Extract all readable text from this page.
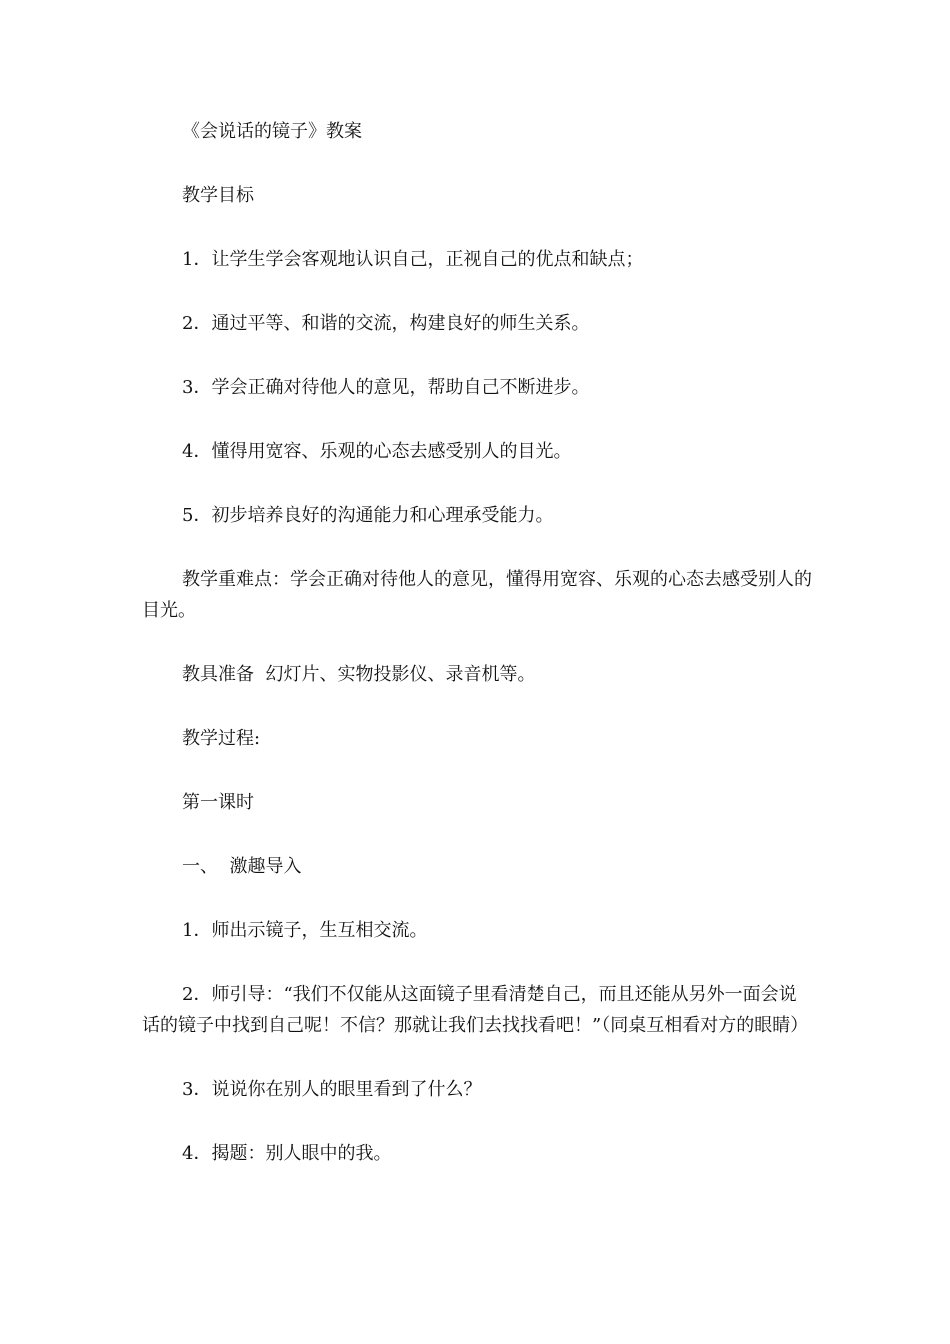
《会说话的镜子》教案

教学目标

1．让学生学会客观地认识自己，正视自己的优点和缺点；

2．通过平等、和谐的交流，构建良好的师生关系。

3．学会正确对待他人的意见，帮助自己不断进步。

4．懂得用宽容、乐观的心态去感受别人的目光。

5．初步培养良好的沟通能力和心理承受能力。

教学重难点：学会正确对待他人的意见，懂得用宽容、乐观的心态去感受别人的目光。

教具准备  幻灯片、实物投影仪、录音机等。

教学过程:

第一课时

一、  激趣导入

1．师出示镜子，生互相交流。

2．师引导：“我们不仅能从这面镜子里看清楚自己，而且还能从另外一面会说话的镜子中找到自己呢！不信？那就让我们去找找看吧！”（同桌互相看对方的眼睛）

3．说说你在别人的眼里看到了什么？

4．揭题：别人眼中的我。
